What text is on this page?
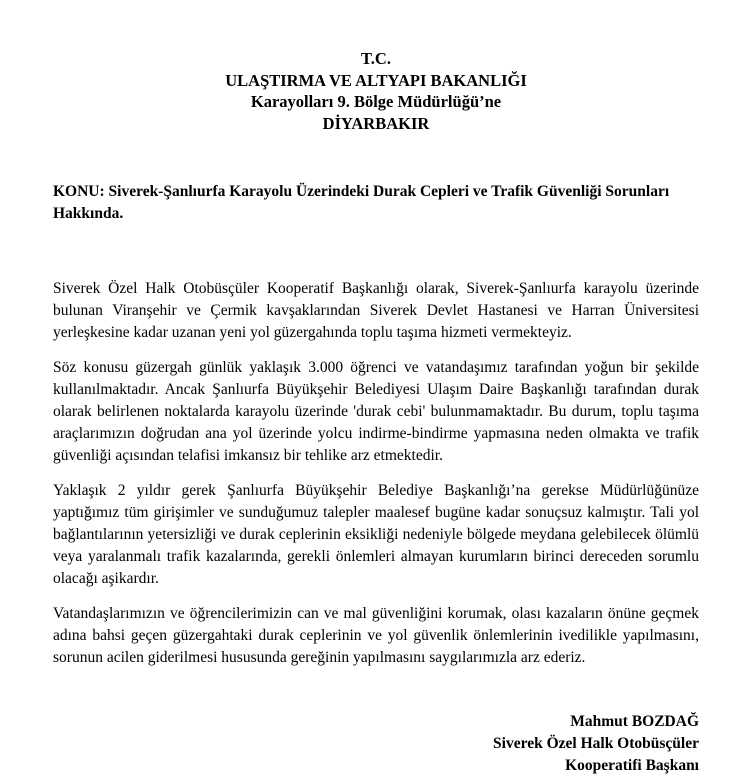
T.C.
ULAŞTIRMA VE ALTYAPI BAKANLIĞI
Karayolları 9. Bölge Müdürlüğü’ne
DİYARBAKIR
KONU: Siverek-Şanlıurfa Karayolu Üzerindeki Durak Cepleri ve Trafik Güvenliği Sorunları Hakkında.

Siverek Özel Halk Otobüsçüler Kooperatif Başkanlığı olarak, Siverek-Şanlıurfa karayolu üzerinde bulunan Viranşehir ve Çermik kavşaklarından Siverek Devlet Hastanesi ve Harran Üniversitesi yerleşkesine kadar uzanan yeni yol güzergahında toplu taşıma hizmeti vermekteyiz.

Söz konusu güzergah günlük yaklaşık 3.000 öğrenci ve vatandaşımız tarafından yoğun bir şekilde kullanılmaktadır. Ancak Şanlıurfa Büyükşehir Belediyesi Ulaşım Daire Başkanlığı tarafından durak olarak belirlenen noktalarda karayolu üzerinde 'durak cebi' bulunmamaktadır. Bu durum, toplu taşıma araçlarımızın doğrudan ana yol üzerinde yolcu indirme-bindirme yapmasına neden olmakta ve trafik güvenliği açısından telafisi imkansız bir tehlike arz etmektedir.

Yaklaşık 2 yıldır gerek Şanlıurfa Büyükşehir Belediye Başkanlığı’na gerekse Müdürlüğünüze yaptığımız tüm girişimler ve sunduğumuz talepler maalesef bugüne kadar sonuçsuz kalmıştır. Tali yol bağlantılarının yetersizliği ve durak ceplerinin eksikliği nedeniyle bölgede meydana gelebilecek ölümlü veya yaralanmalı trafik kazalarında, gerekli önlemleri almayan kurumların birinci dereceden sorumlu olacağı aşikardır.

Vatandaşlarımızın ve öğrencilerimizin can ve mal güvenliğini korumak, olası kazaların önüne geçmek adına bahsi geçen güzergahtaki durak ceplerinin ve yol güvenlik önlemlerinin ivedilikle yapılmasını, sorunun acilen giderilmesi hususunda gereğinin yapılmasını saygılarımızla arz ederiz.

Mahmut BOZDAĞ
Siverek Özel Halk Otobüsçüler
Kooperatifi Başkanı
